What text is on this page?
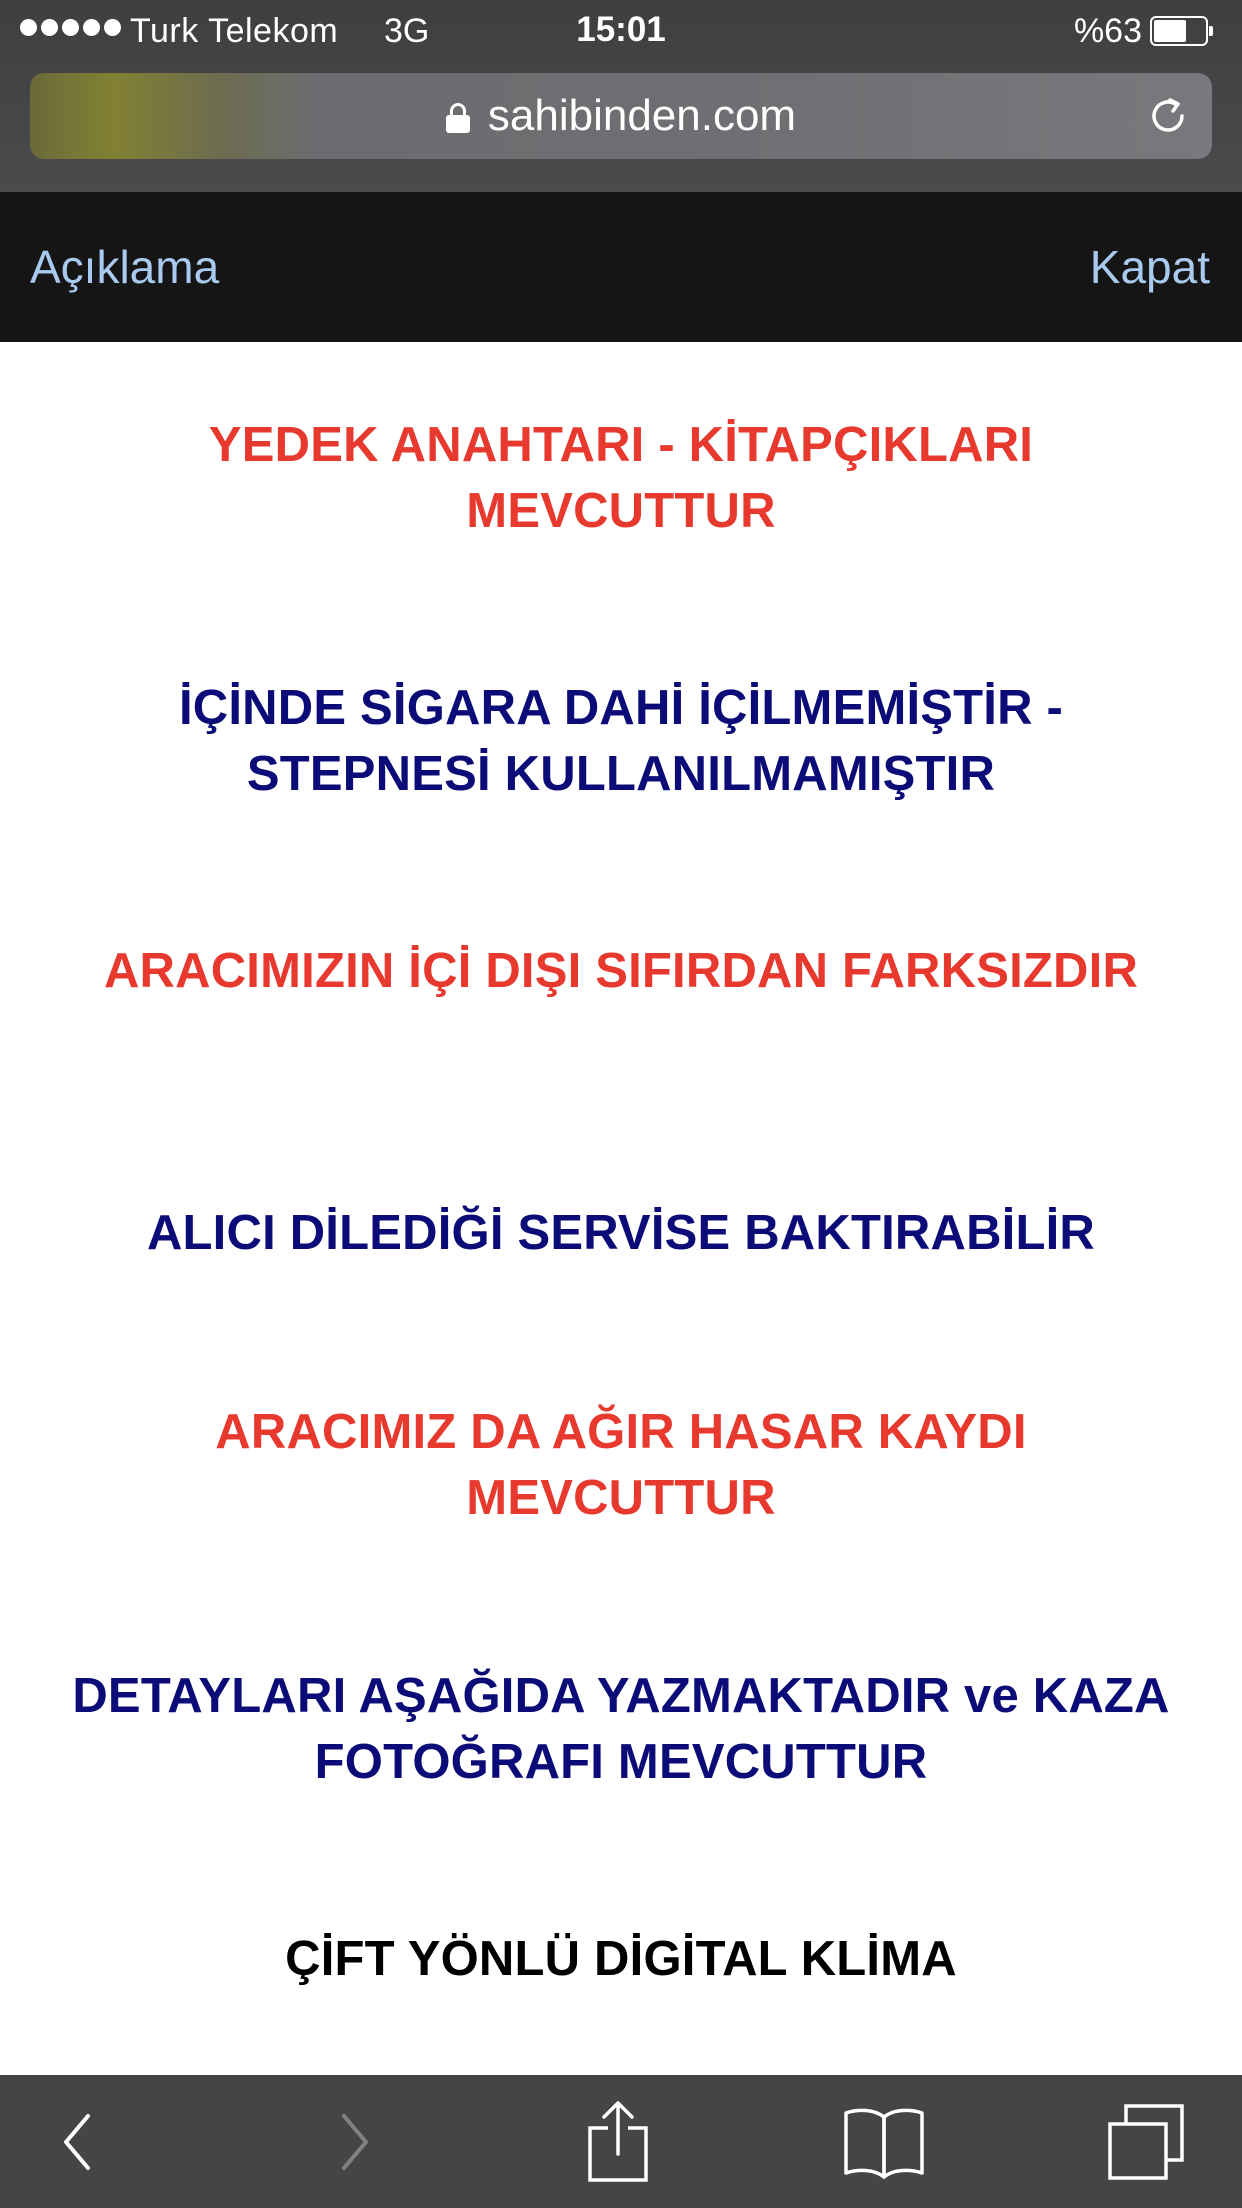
Turk Telekom 3G	15:01	%63
sahibinden.com
Açıklama	Kapat
YEDEK ANAHTARI - KİTAPÇIKLARI MEVCUTTUR
İÇİNDE SİGARA DAHİ İÇİLMEMİŞTİR - STEPNESİ KULLANILMAMIŞTIR
ARACIMIZIN İÇİ DIŞI SIFIRDAN FARKSIZDIR
ALICI DİLEDİĞİ SERVİSE BAKTIRABİLİR
ARACIMIZ DA AĞIR HASAR KAYDI MEVCUTTUR
DETAYLARI AŞAĞIDA YAZMAKTADIR ve KAZA FOTOĞRAFI MEVCUTTUR
ÇİFT YÖNLÜ DİGİTAL KLİMA
